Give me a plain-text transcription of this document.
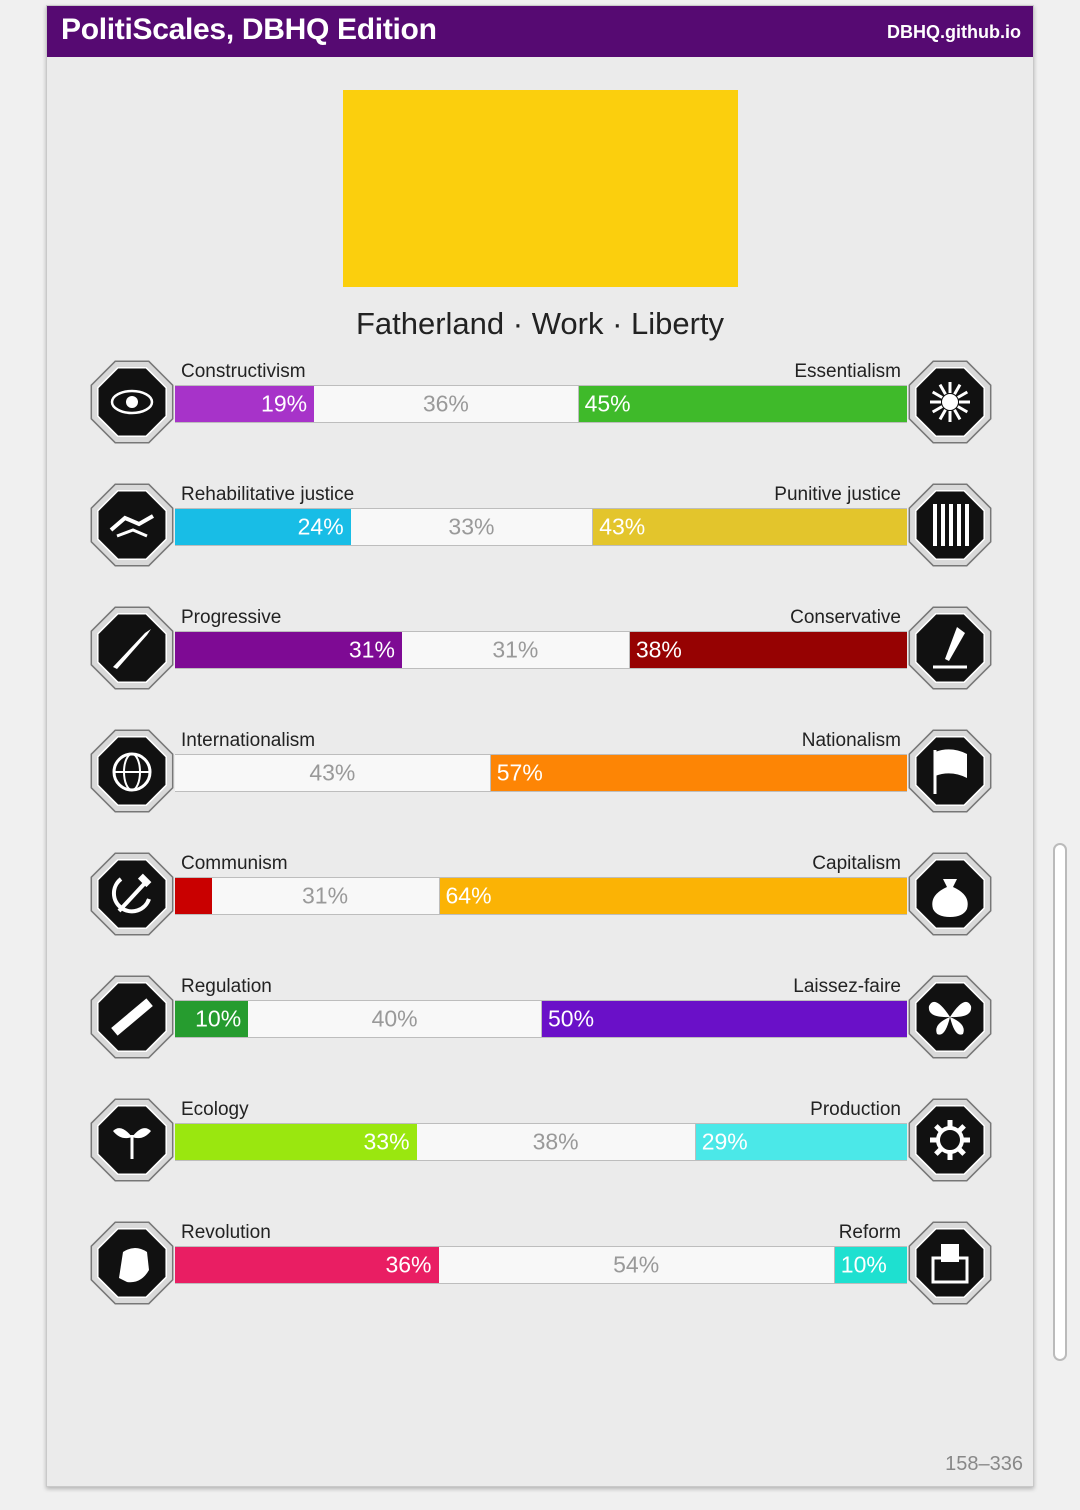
PolitiScales, DBHQ Edition	DBHQ.github.io
Fatherland · Work · Liberty
Constructivism	Essentialism
19%	36%	45%
Rehabilitative justice	Punitive justice
24%	33%	43%
Progressive	Conservative
31%	31%	38%
Internationalism	Nationalism
43%	57%
Communism	Capitalism
31%	64%
Regulation	Laissez-faire
10%	40%	50%
Ecology	Production
33%	38%	29%
Revolution	Reform
36%	54%	10%
158–336
